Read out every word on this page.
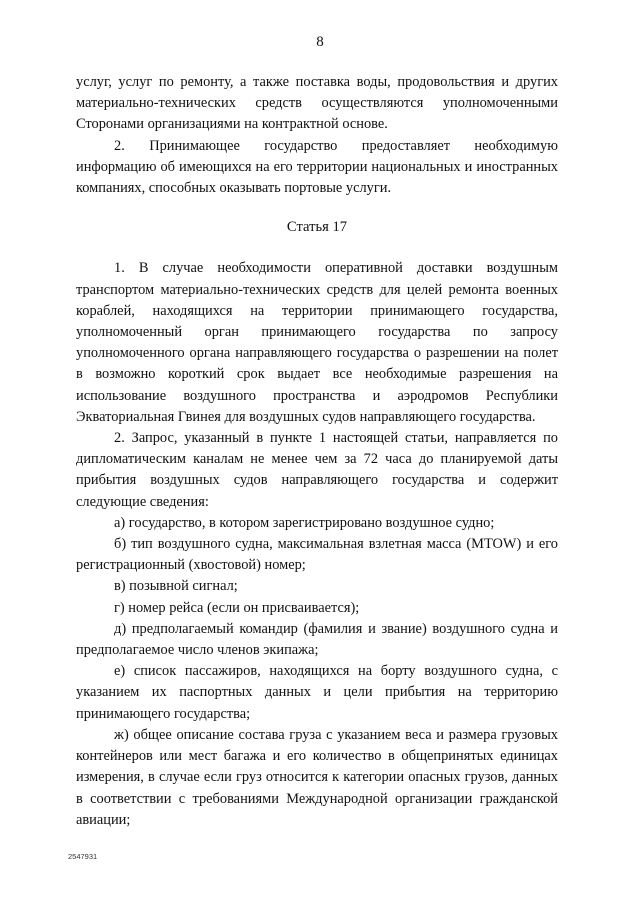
8

услуг, услуг по ремонту, а также поставка воды, продовольствия и других материально-технических средств осуществляются уполномоченными Сторонами организациями на контрактной основе.

2. Принимающее государство предоставляет необходимую информацию об имеющихся на его территории национальных и иностранных компаниях, способных оказывать портовые услуги.

Статья 17

1. В случае необходимости оперативной доставки воздушным транспортом материально-технических средств для целей ремонта военных кораблей, находящихся на территории принимающего государства, уполномоченный орган принимающего государства по запросу уполномоченного органа направляющего государства о разрешении на полет в возможно короткий срок выдает все необходимые разрешения на использование воздушного пространства и аэродромов Республики Экваториальная Гвинея для воздушных судов направляющего государства.

2. Запрос, указанный в пункте 1 настоящей статьи, направляется по дипломатическим каналам не менее чем за 72 часа до планируемой даты прибытия воздушных судов направляющего государства и содержит следующие сведения:

а) государство, в котором зарегистрировано воздушное судно;

б) тип воздушного судна, максимальная взлетная масса (MTOW) и его регистрационный (хвостовой) номер;

в) позывной сигнал;

г) номер рейса (если он присваивается);

д) предполагаемый командир (фамилия и звание) воздушного судна и предполагаемое число членов экипажа;

е) список пассажиров, находящихся на борту воздушного судна, с указанием их паспортных данных и цели прибытия на территорию принимающего государства;

ж) общее описание состава груза с указанием веса и размера грузовых контейнеров или мест багажа и его количество в общепринятых единицах измерения, в случае если груз относится к категории опасных грузов, данных в соответствии с требованиями Международной организации гражданской авиации;

2547931
